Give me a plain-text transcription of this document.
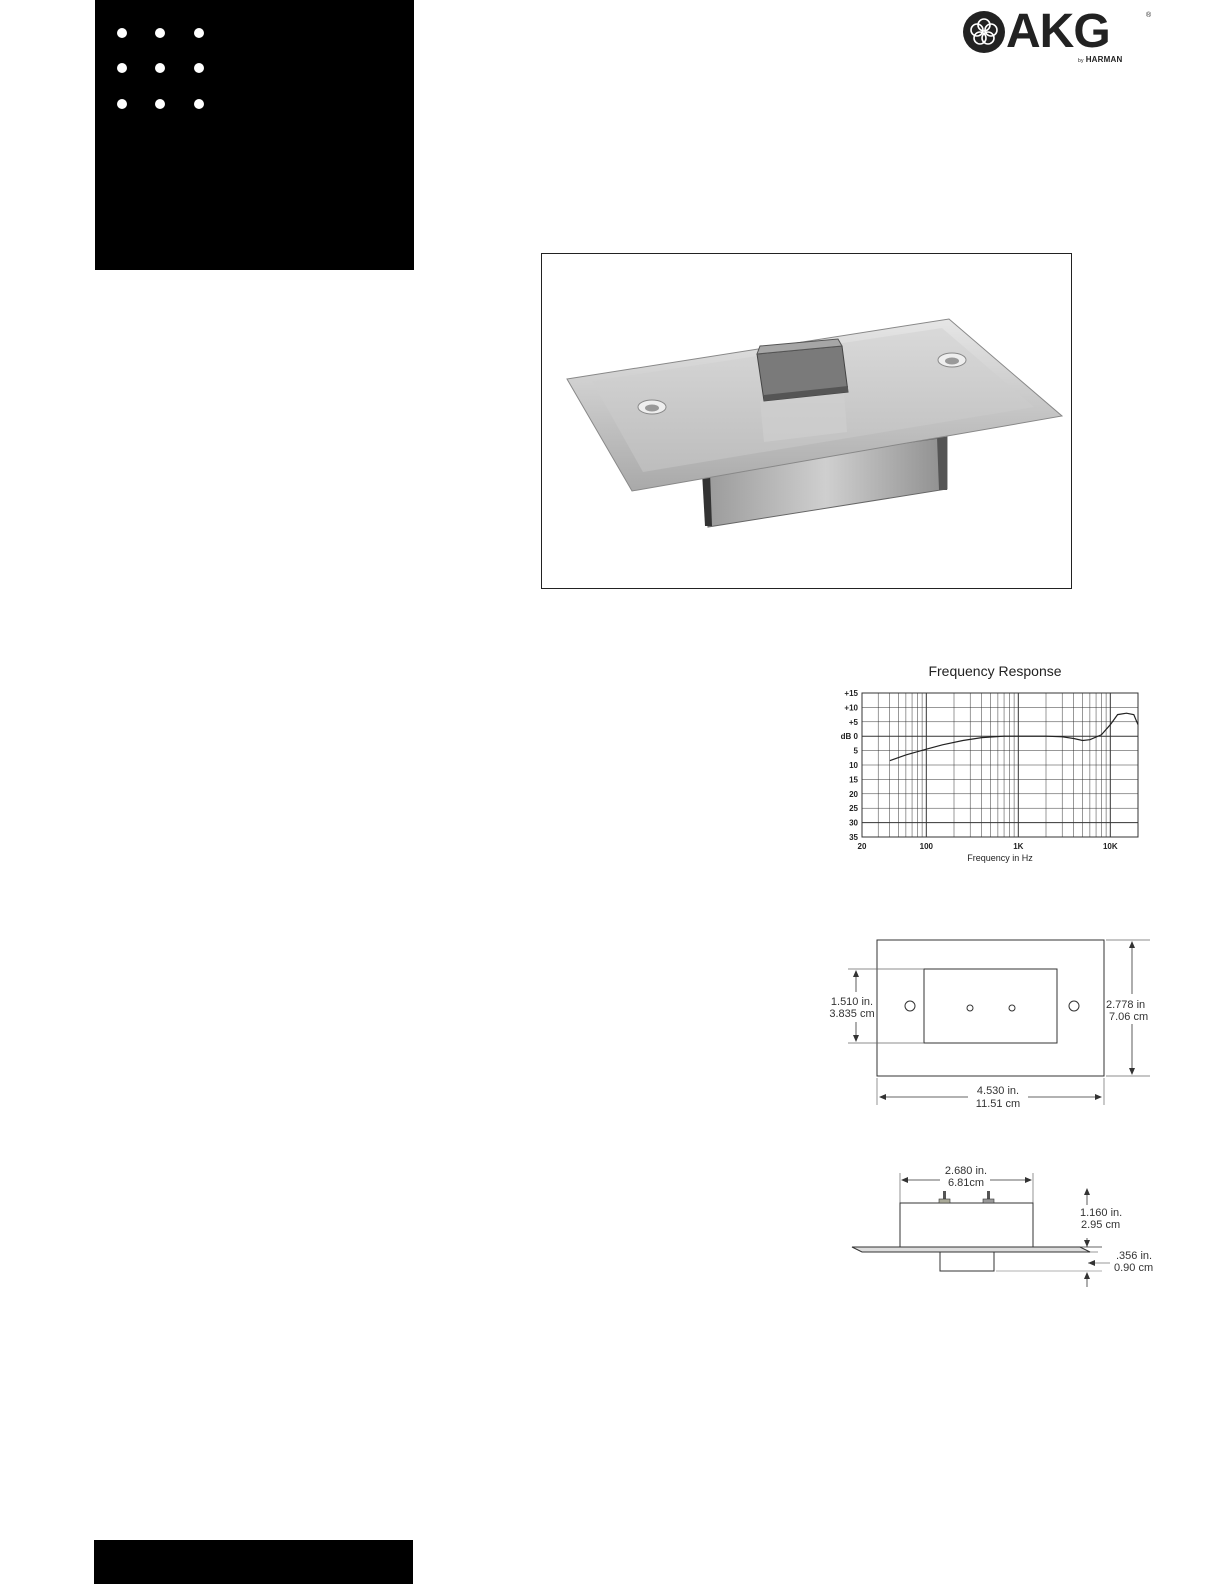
AKG	®
by HARMAN
Frequency Response
+15
+10
+5
dB 0
5
10
15
20
25
30
35
20	100	1K	10K
Frequency in Hz
1.510 in.
3.835 cm
2.778 in
7.06 cm
4.530 in.
11.51 cm
2.680 in.
6.81cm
1.160 in.
2.95 cm
.356 in.
0.90 cm
